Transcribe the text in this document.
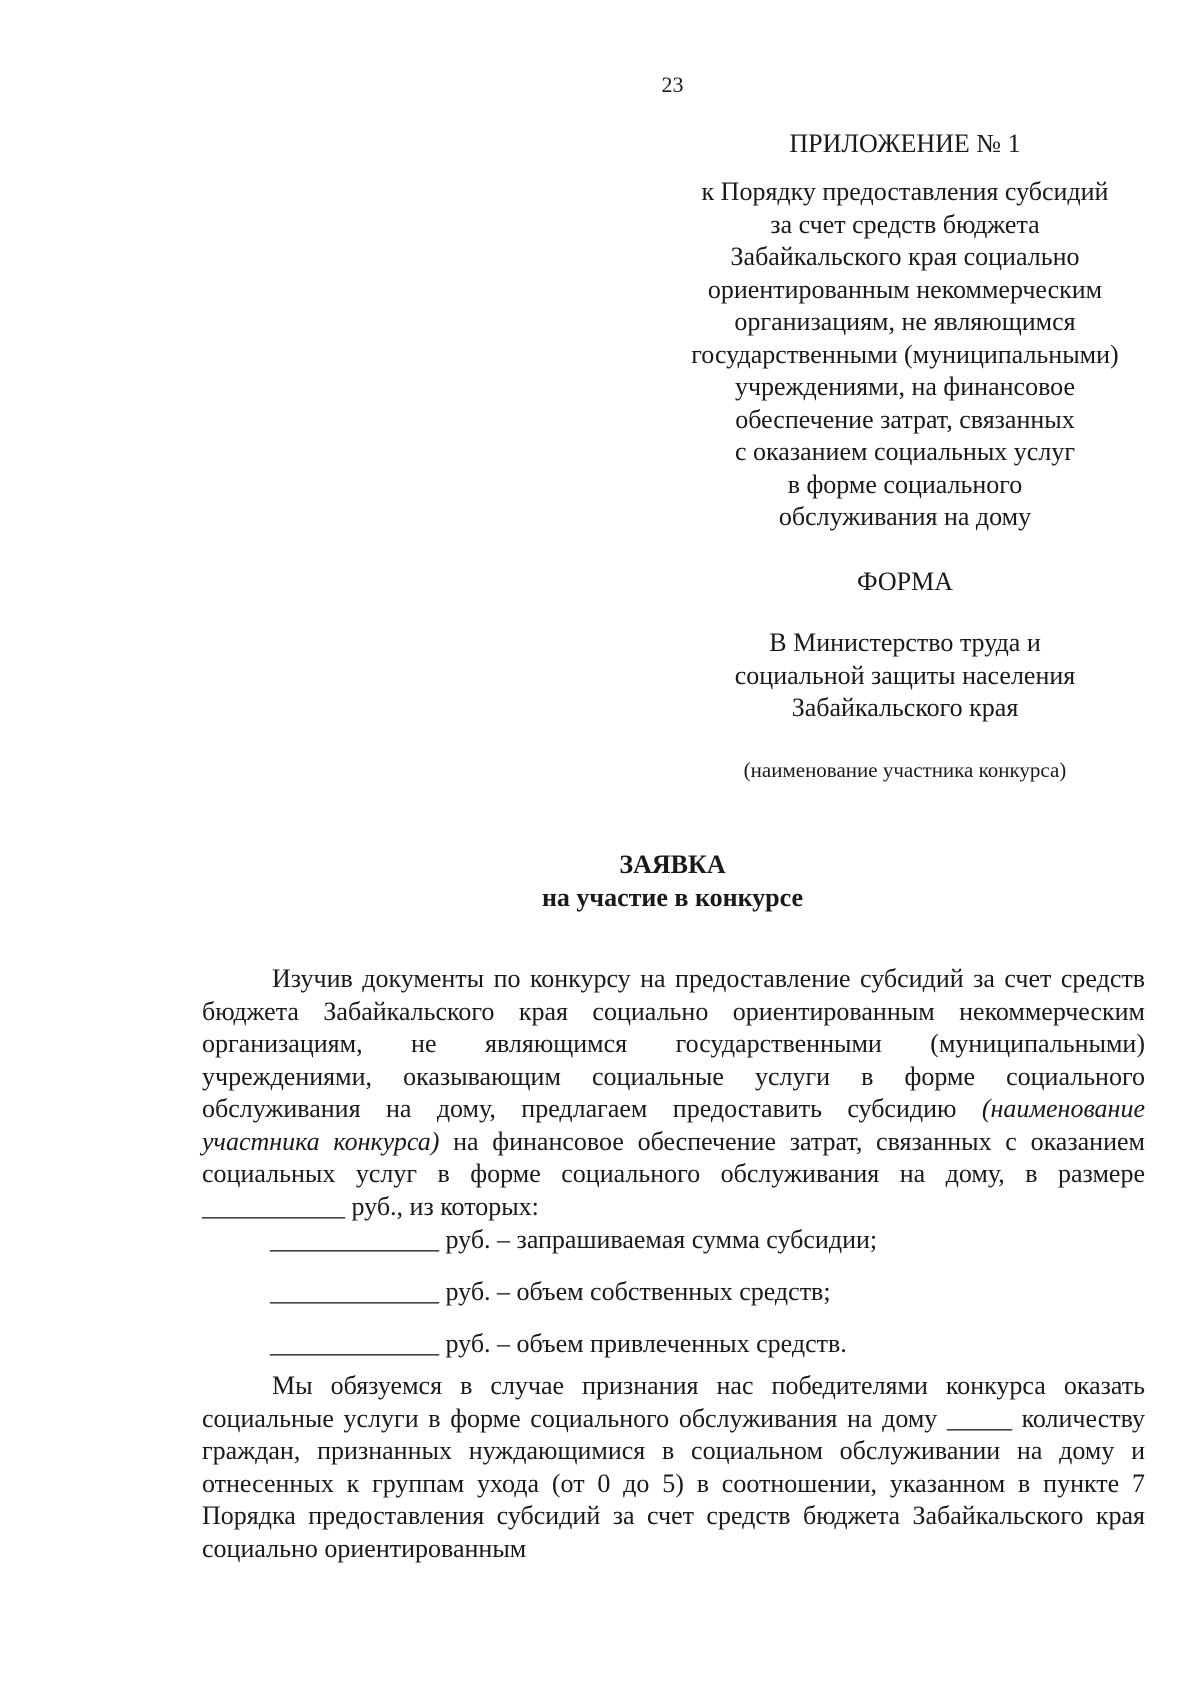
23
ПРИЛОЖЕНИЕ № 1
к Порядку предоставления субсидий
за счет средств бюджета
Забайкальского края социально
ориентированным некоммерческим
организациям, не являющимся
государственными (муниципальными)
учреждениями, на финансовое
обеспечение затрат, связанных
с оказанием социальных услуг
в форме социального
обслуживания на дому
ФОРМА
В Министерство труда и
социальной защиты населения
Забайкальского края
(наименование участника конкурса)
ЗАЯВКА
на участие в конкурсе
Изучив документы по конкурсу на предоставление субсидий за счет средств бюджета Забайкальского края социально ориентированным некоммерческим организациям, не являющимся государственными (муниципальными) учреждениями, оказывающим социальные услуги в форме социального обслуживания на дому, предлагаем предоставить субсидию (наименование участника конкурса) на финансовое обеспечение затрат, связанных с оказанием социальных услуг в форме социального обслуживания на дому, в размере ___________ руб., из которых:
_____________ руб. – запрашиваемая сумма субсидии;
_____________ руб. – объем собственных средств;
_____________ руб. – объем привлеченных средств.
Мы обязуемся в случае признания нас победителями конкурса оказать социальные услуги в форме социального обслуживания на дому _____ количеству граждан, признанных нуждающимися в социальном обслуживании на дому и отнесенных к группам ухода (от 0 до 5) в соотношении, указанном в пункте 7 Порядка предоставления субсидий за счет средств бюджета Забайкальского края социально ориентированным
